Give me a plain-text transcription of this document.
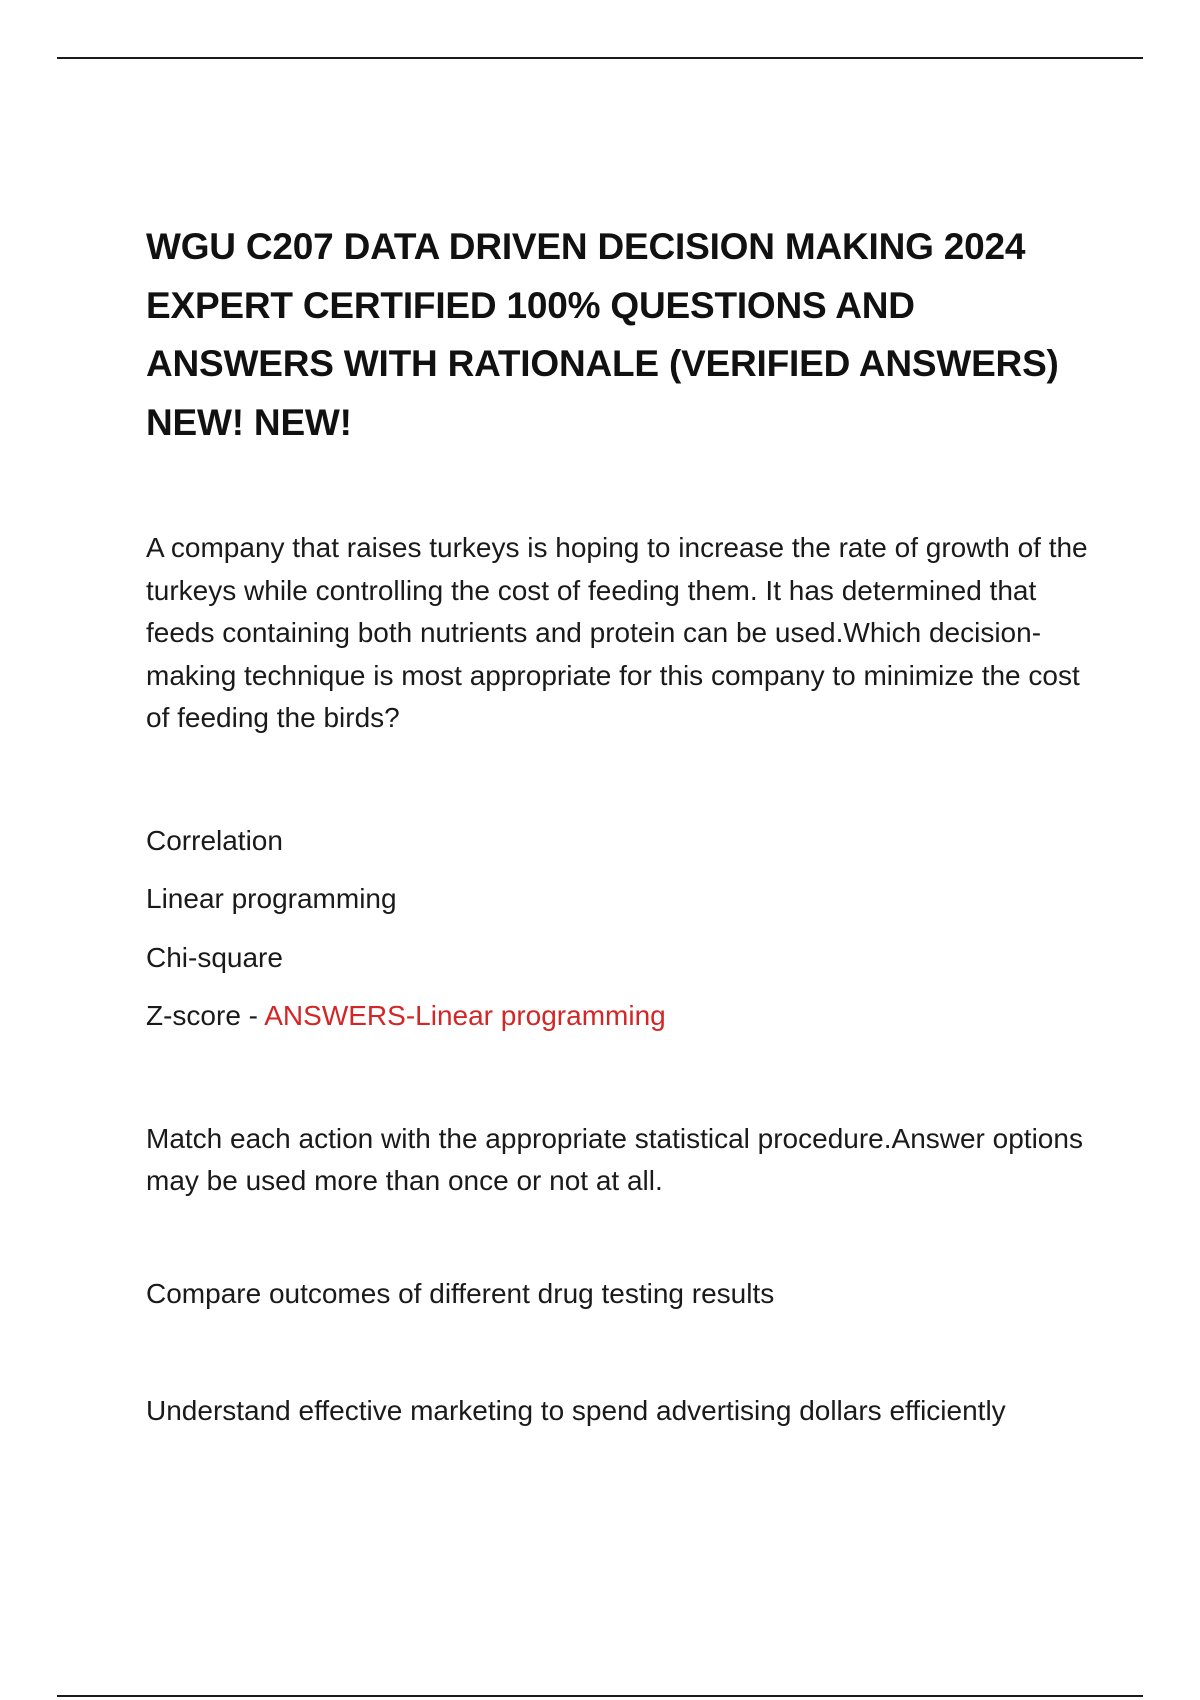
WGU C207 DATA DRIVEN DECISION MAKING 2024 EXPERT CERTIFIED 100% QUESTIONS AND ANSWERS WITH RATIONALE (VERIFIED ANSWERS) NEW! NEW!

A company that raises turkeys is hoping to increase the rate of growth of the turkeys while controlling the cost of feeding them. It has determined that feeds containing both nutrients and protein can be used.Which decision-making technique is most appropriate for this company to minimize the cost of feeding the birds?

Correlation

Linear programming

Chi-square

Z-score - ANSWERS-Linear programming

Match each action with the appropriate statistical procedure.Answer options may be used more than once or not at all.

Compare outcomes of different drug testing results

Understand effective marketing to spend advertising dollars efficiently
